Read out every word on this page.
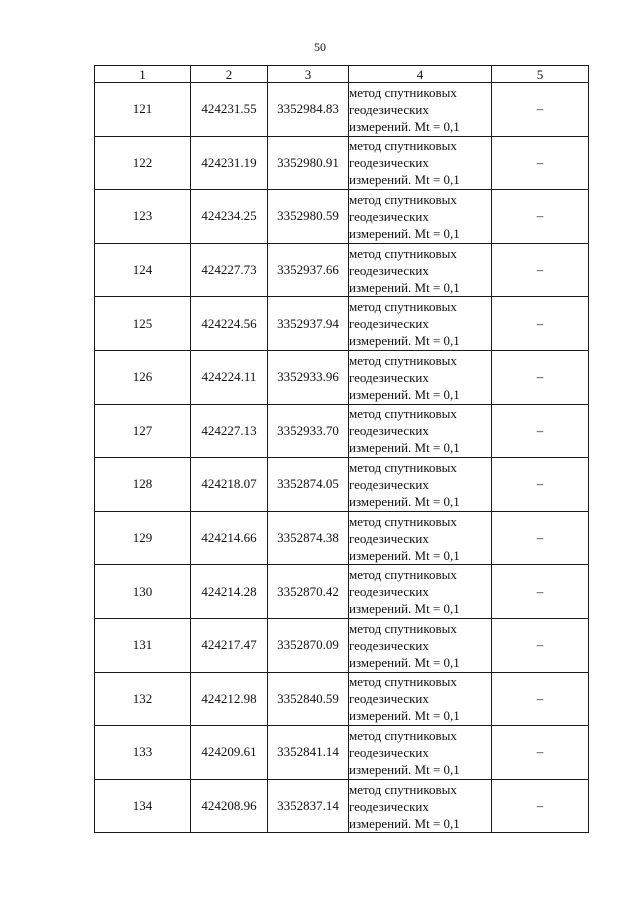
50
1	2	3	4	5
121	424231.55	3352984.83	метод спутниковых
геодезических
измерений. Mt = 0,1	–
122	424231.19	3352980.91	метод спутниковых
геодезических
измерений. Mt = 0,1	–
123	424234.25	3352980.59	метод спутниковых
геодезических
измерений. Mt = 0,1	–
124	424227.73	3352937.66	метод спутниковых
геодезических
измерений. Mt = 0,1	–
125	424224.56	3352937.94	метод спутниковых
геодезических
измерений. Mt = 0,1	–
126	424224.11	3352933.96	метод спутниковых
геодезических
измерений. Mt = 0,1	–
127	424227.13	3352933.70	метод спутниковых
геодезических
измерений. Mt = 0,1	–
128	424218.07	3352874.05	метод спутниковых
геодезических
измерений. Mt = 0,1	–
129	424214.66	3352874.38	метод спутниковых
геодезических
измерений. Mt = 0,1	–
130	424214.28	3352870.42	метод спутниковых
геодезических
измерений. Mt = 0,1	–
131	424217.47	3352870.09	метод спутниковых
геодезических
измерений. Mt = 0,1	–
132	424212.98	3352840.59	метод спутниковых
геодезических
измерений. Mt = 0,1	–
133	424209.61	3352841.14	метод спутниковых
геодезических
измерений. Mt = 0,1	–
134	424208.96	3352837.14	метод спутниковых
геодезических
измерений. Mt = 0,1	–
